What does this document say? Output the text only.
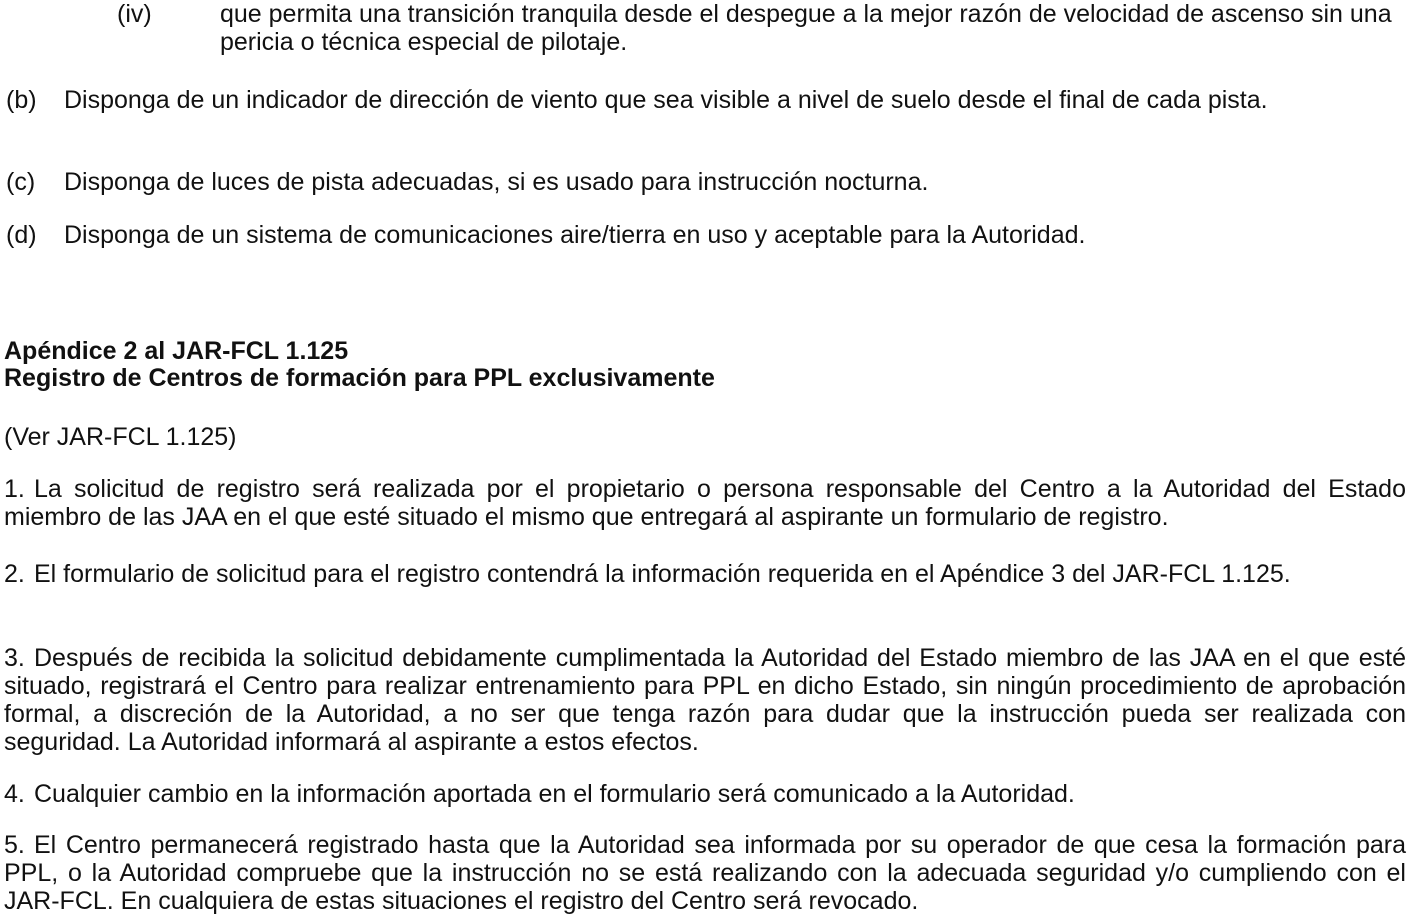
(iv)	que permita una transición tranquila desde el despegue a la mejor razón de velocidad de ascenso sin una pericia o técnica especial de pilotaje.
(b) Disponga de un indicador de dirección de viento que sea visible a nivel de suelo desde el final de cada pista.
(c) Disponga de luces de pista adecuadas, si es usado para instrucción nocturna.
(d) Disponga de un sistema de comunicaciones aire/tierra en uso y aceptable para la Autoridad.
Apéndice 2 al JAR-FCL 1.125
Registro de Centros de formación para PPL exclusivamente
(Ver JAR-FCL 1.125)
1. La solicitud de registro será realizada por el propietario o persona responsable del Centro a la Autoridad del Estado miembro de las JAA en el que esté situado el mismo que entregará al aspirante un formulario de registro.
2. El formulario de solicitud para el registro contendrá la información requerida en el Apéndice 3 del JAR-FCL 1.125.
3. Después de recibida la solicitud debidamente cumplimentada la Autoridad del Estado miembro de las JAA en el que esté situado, registrará el Centro para realizar entrenamiento para PPL en dicho Estado, sin ningún procedimiento de aprobación formal, a discreción de la Autoridad, a no ser que tenga razón para dudar que la instrucción pueda ser realizada con seguridad. La Autoridad informará al aspirante a estos efectos.
4. Cualquier cambio en la información aportada en el formulario será comunicado a la Autoridad.
5. El Centro permanecerá registrado hasta que la Autoridad sea informada por su operador de que cesa la formación para PPL, o la Autoridad compruebe que la instrucción no se está realizando con la adecuada seguridad y/o cumpliendo con el JAR-FCL. En cualquiera de estas situaciones el registro del Centro será revocado.
